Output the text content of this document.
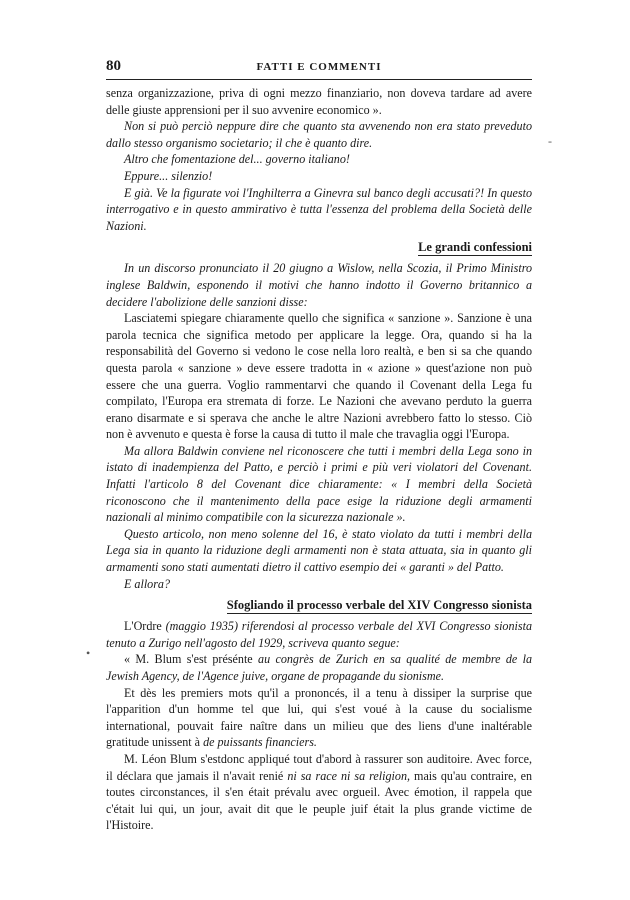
80	FATTI E COMMENTI
-
•

senza organizzazione, priva di ogni mezzo finanziario, non doveva tardare ad avere delle giuste apprensioni per il suo avvenire economico ».

Non si può perciò neppure dire che quanto sta avvenendo non era stato preveduto dallo stesso organismo societario; il che è quanto dire.

Altro che fomentazione del... governo italiano!

Eppure... silenzio!

E già. Ve la figurate voi l'Inghilterra a Ginevra sul banco degli accusati?! In questo interrogativo e in questo ammirativo è tutta l'essenza del problema della Società delle Nazioni.

Le grandi confessioni

In un discorso pronunciato il 20 giugno a Wislow, nella Scozia, il Primo Ministro inglese Baldwin, esponendo il motivi che hanno indotto il Governo britannico a decidere l'abolizione delle sanzioni disse:

Lasciatemi spiegare chiaramente quello che significa « sanzione ». Sanzione è una parola tecnica che significa metodo per applicare la legge. Ora, quando si ha la responsabilità del Governo si vedono le cose nella loro realtà, e ben si sa che quando questa parola « sanzione » deve essere tradotta in « azione » quest'azione non può essere che una guerra. Voglio rammentarvi che quando il Covenant della Lega fu compilato, l'Europa era stremata di forze. Le Nazioni che avevano perduto la guerra erano disarmate e si sperava che anche le altre Nazioni avrebbero fatto lo stesso. Ciò non è avvenuto e questa è forse la causa di tutto il male che travaglia oggi l'Europa.

Ma allora Baldwin conviene nel riconoscere che tutti i membri della Lega sono in istato di inadempienza del Patto, e perciò i primi e più veri violatori del Covenant. Infatti l'articolo 8 del Covenant dice chiaramente: « I membri della Società riconoscono che il mantenimento della pace esige la riduzione degli armamenti nazionali al minimo compatibile con la sicurezza nazionale ».

Questo articolo, non meno solenne del 16, è stato violato da tutti i membri della Lega sia in quanto la riduzione degli armamenti non è stata attuata, sia in quanto gli armamenti sono stati aumentati dietro il cattivo esempio dei « garanti » del Patto.

E allora?

Sfogliando il processo verbale del XIV Congresso sionista

L'Ordre (maggio 1935) riferendosi al processo verbale del XVI Congresso sionista tenuto a Zurigo nell'agosto del 1929, scriveva quanto segue:

« M. Blum s'est présénte au congrès de Zurich en sa qualité de membre de la Jewish Agency, de l'Agence juive, organe de propagande du sionisme.

Et dès les premiers mots qu'il a prononcés, il a tenu à dissiper la surprise que l'apparition d'un homme tel que lui, qui s'est voué à la cause du socialisme international, pouvait faire naître dans un milieu que des liens d'une inaltérable gratitude unissent à de puissants financiers.

M. Léon Blum s'estdonc appliqué tout d'abord à rassurer son auditoire. Avec force, il déclara que jamais il n'avait renié ni sa race ni sa religion, mais qu'au contraire, en toutes circonstances, il s'en était prévalu avec orgueil. Avec émotion, il rappela que c'était lui qui, un jour, avait dit que le peuple juif était la plus grande victime de l'Histoire.
